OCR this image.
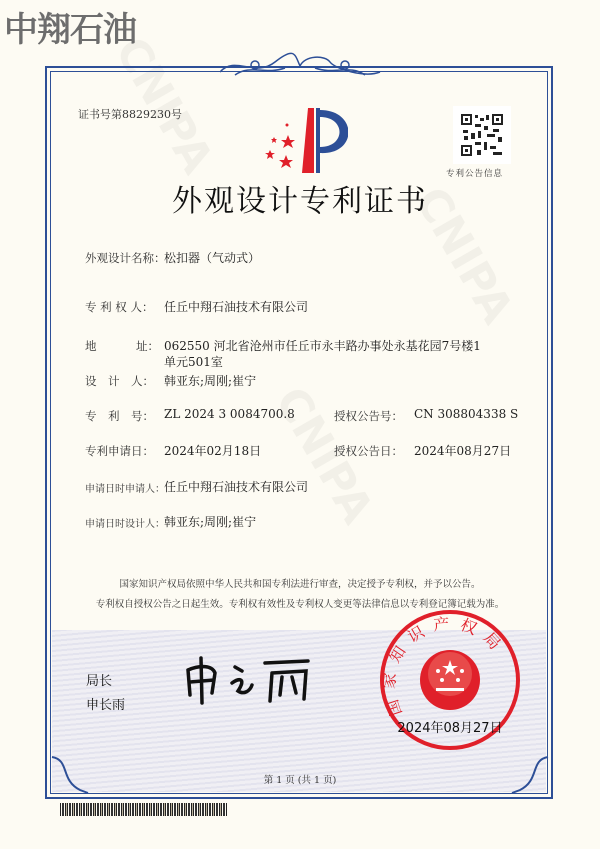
中翔石油
证书号第8829230号
专利公告信息
外观设计专利证书
外观设计名称：
松扣器（气动式）
专 利 权 人： 任丘中翔石油技术有限公司
地	址： 062550 河北省沧州市任丘市永丰路办事处永基花园7号楼1
单元501室
设　计　人： 韩亚东;周刚;崔宁
专　利　号： ZL 2024 3 0084700.8	授权公告号： CN 308804338 S
专利申请日： 2024年02月18日	授权公告日： 2024年08月27日
申请日时申请人： 任丘中翔石油技术有限公司
申请日时设计人： 韩亚东;周刚;崔宁
国家知识产权局依照中华人民共和国专利法进行审查，决定授予专利权，并予以公告。
专利权自授权公告之日起生效。专利权有效性及专利权人变更等法律信息以专利登记簿记载为准。
局长
申长雨	国家知识产权局
2024年08月27日
第 1 页 (共 1 页)
